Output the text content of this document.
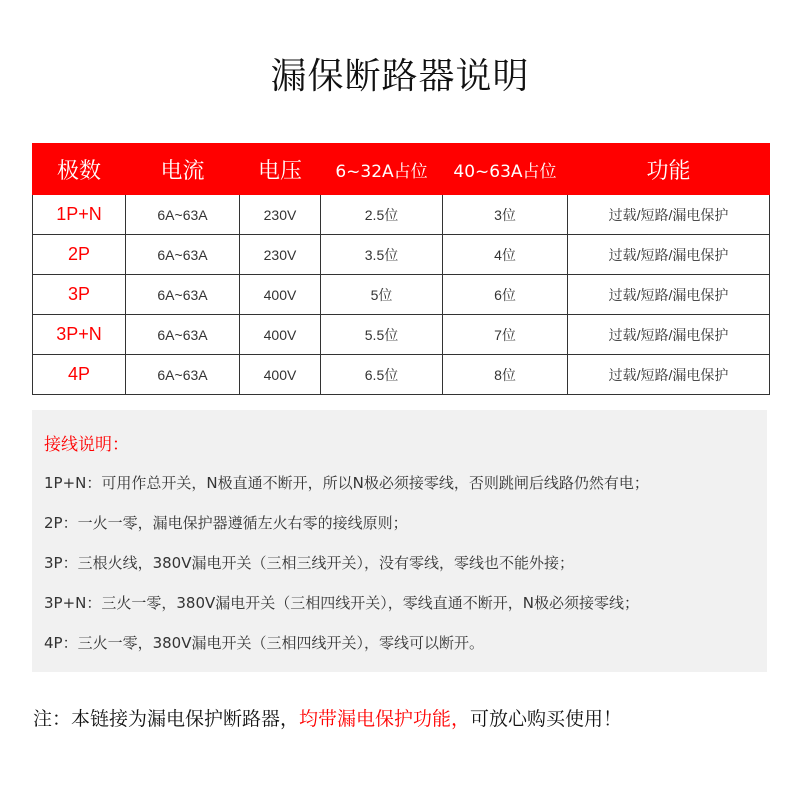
漏保断路器说明
极数	电流	电压	6~32A占位	40~63A占位	功能
1P+N	6A~63A	230V	2.5位	3位	过载/短路/漏电保护
2P	6A~63A	230V	3.5位	4位	过载/短路/漏电保护
3P	6A~63A	400V	5位	6位	过载/短路/漏电保护
3P+N	6A~63A	400V	5.5位	7位	过载/短路/漏电保护
4P	6A~63A	400V	6.5位	8位	过载/短路/漏电保护
接线说明：
1P+N：可用作总开关，N极直通不断开，所以N极必须接零线，否则跳闸后线路仍然有电；
2P：一火一零，漏电保护器遵循左火右零的接线原则；
3P：三根火线，380V漏电开关（三相三线开关），没有零线，零线也不能外接；
3P+N：三火一零，380V漏电开关（三相四线开关），零线直通不断开，N极必须接零线；
4P：三火一零，380V漏电开关（三相四线开关），零线可以断开。
注：本链接为漏电保护断路器，均带漏电保护功能，可放心购买使用！
